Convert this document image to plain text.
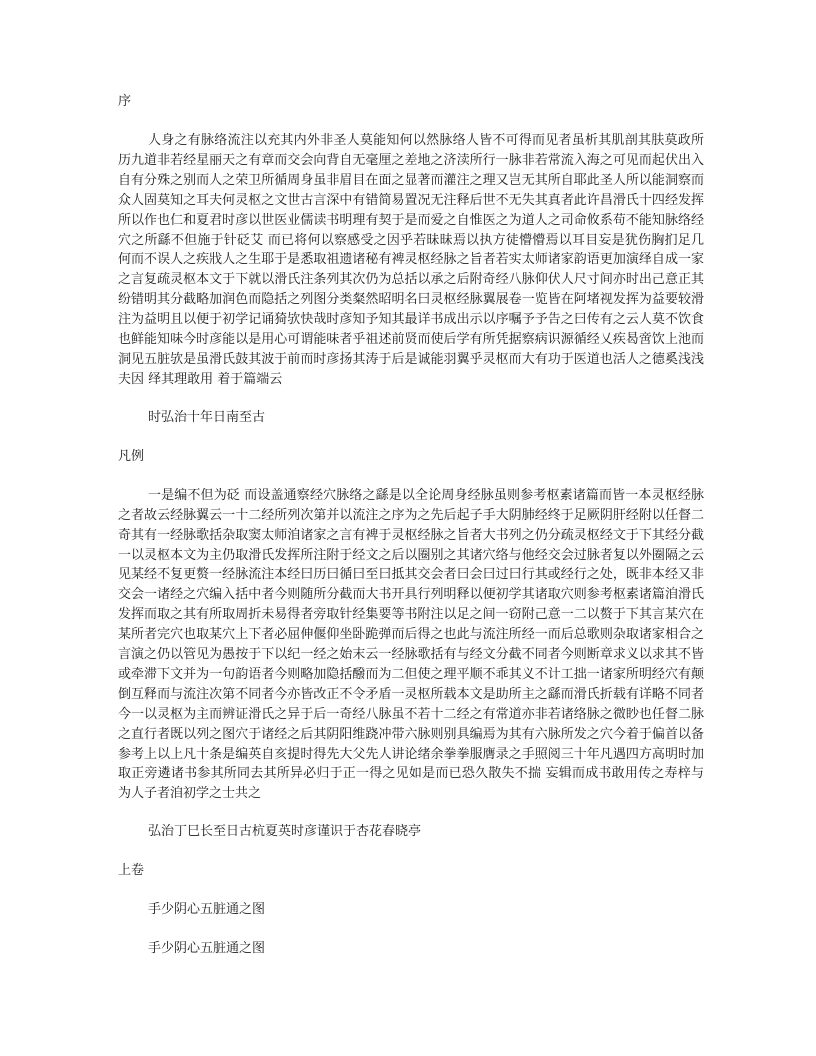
序

人身之有脉络流注以充其内外非圣人莫能知何以然脉络人皆不可得而见者虽析其肌剖其肤莫政所历九道非若经星丽天之有章而交会向背自无毫厘之差地之济渎所行一脉非若常流入海之可见而起伏出入自有分殊之别而人之荣卫所循周身虽非眉目在面之显著而灌注之理又岂无其所自耶此圣人所以能洞察而众人固莫知之耳夫何灵枢之文世古言深中有错简易置况无注释后世不无失其真者此许昌滑氏十四经发挥所以作也仁和夏君时彦以世医业儒读书明理有契于是而爱之自惟医之为道人之司命攸系苟不能知脉络经穴之所繇不但施于针砭艾 而已将何以察感受之因乎若昧昧焉以执方徒懵懵焉以耳目妄是犹伤胸扪足几何而不误人之疾戕人之生耶于是悉取祖遗诸秘有裨灵枢经脉之旨者若实太师诸家韵语更加演绎自成一家之言复疏灵枢本文于下就以滑氏注条列其次仍为总括以承之后附奇经八脉仰伏人尺寸间亦时出己意正其纷错明其分截略加润色而隐括之列图分类粲然昭明名曰灵枢经脉翼展卷一览皆在阿堵视发挥为益要较滑注为益明且以便于初学记诵猗欤快哉时彦知予知其最详书成出示以序嘱予予告之曰传有之云人莫不饮食也鲜能知味今时彦能以是用心可谓能味者乎祖述前贤而使后学有所凭据察病识源循经乂疾曷啻饮上池而洞见五脏欤是虽滑氏鼓其波于前而时彦扬其涛于后是诚能羽翼乎灵枢而大有功于医道也活人之德奚浅浅夫因 绎其理敢用 着于篇端云

时弘治十年日南至古
凡例

一是编不但为砭 而设盖通察经穴脉络之繇是以全论周身经脉虽则参考枢素诸篇而皆一本灵枢经脉之者故云经脉翼云一十二经所列次第并以流注之序为之先后起子手大阴肺经终于足厥阴肝经附以任督二奇其有一经脉歌括杂取窦太师洎诸家之言有裨于灵枢经脉之旨者大书列之仍分疏灵枢经文于下其经分截一以灵枢本文为主仍取滑氏发挥所注附于经文之后以圈别之其诸穴络与他经交会过脉者复以外圈隔之云见某经不复更赘一经脉流注本经曰历曰循曰至曰抵其交会者曰会曰过曰行其或经行之处，既非本经又非交会一诸经之穴编入括中者今则随所分截而大书开具行列明释以便初学其诸取穴则参考枢素诸篇洎滑氏发挥而取之其有所取周折未易得者旁取针经集要等书附注以足之间一窃附己意一二以赘于下其言某穴在某所者完穴也取某穴上下者必屈伸偃仰坐卧跪弹而后得之也此与流注所经一而后总歌则杂取诸家相合之言演之仍以管见为愚按于下以纪一经之始末云一经脉歌括有与经文分截不同者今则断章求义以求其不皆或牵滞下文并为一句韵语者今则略加隐括醱而为二但使之理平顺不乖其义不计工拙一诸家所明经穴有颠倒互释而与流注次第不同者今亦皆改正不令矛盾一灵枢所载本文是助所主之繇而滑氏折载有详略不同者今一以灵枢为主而辨证滑氏之异于后一奇经八脉虽不若十二经之有常道亦非若诸络脉之微眇也任督二脉之直行者既以列之图穴于诸经之后其阴阳维跷冲带六脉则别具编焉为其有六脉所发之穴今着于偏首以备参考上以上凡十条是编英自亥提时得先大父先人讲论绪余拳拳服膺录之手照阅三十年凡遇四方高明时加取正旁遴诸书参其所同去其所异必归于正一得之见如是而已恐久散失不揣 妄辑而成书敢用传之寿梓与为人子者洎初学之士共之

弘治丁巳长至日古杭夏英时彦谨识于杏花春晓亭
上卷
手少阴心五脏通之图
手少阴心五脏通之图
